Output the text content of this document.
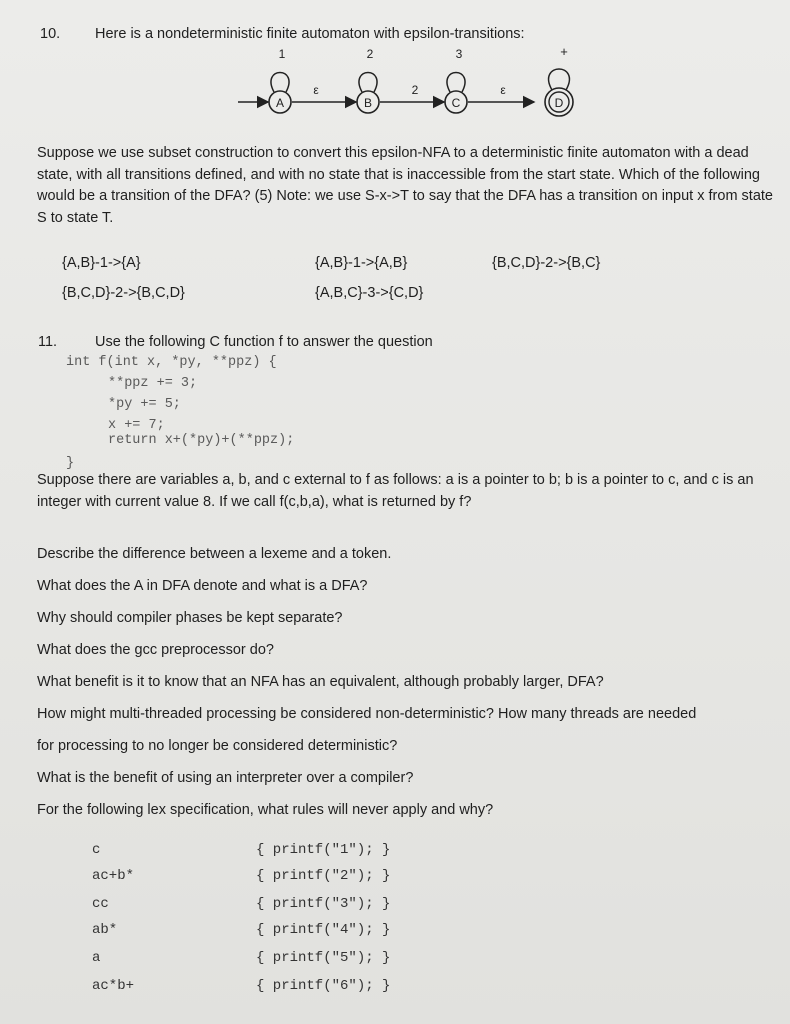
10. Here is a nondeterministic finite automaton with epsilon-transitions:
A	B	C	D
1	2	3	+
ε	2	ε
Suppose we use subset construction to convert this epsilon-NFA to a deterministic finite automaton with a dead state, with all transitions defined, and with no state that is inaccessible from the start state. Which of the following would be a transition of the DFA? (5) Note: we use S-x->T to say that the DFA has a transition on input x from state S to state T.
{A,B}-1->{A}	{A,B}-1->{A,B}	{B,C,D}-2->{B,C}
{B,C,D}-2->{B,C,D}	{A,B,C}-3->{C,D}
11.	Use the following C function f to answer the question
int f(int x, *py, **ppz) {
**ppz += 3;
*py += 5;
x += 7;
return x+(*py)+(**ppz);
}
Suppose there are variables a, b, and c external to f as follows: a is a pointer to b; b is a pointer to c, and c is an integer with current value 8. If we call f(c,b,a), what is returned by f?
Describe the difference between a lexeme and a token.
What does the A in DFA denote and what is a DFA?
Why should compiler phases be kept separate?
What does the gcc preprocessor do?
What benefit is it to know that an NFA has an equivalent, although probably larger, DFA?
How might multi-threaded processing be considered non-deterministic? How many threads are needed
for processing to no longer be considered deterministic?
What is the benefit of using an interpreter over a compiler?
For the following lex specification, what rules will never apply and why?
c	{ printf("1"); }
ac+b*	{ printf("2"); }
cc	{ printf("3"); }
ab*	{ printf("4"); }
a	{ printf("5"); }
ac*b+	{ printf("6"); }
